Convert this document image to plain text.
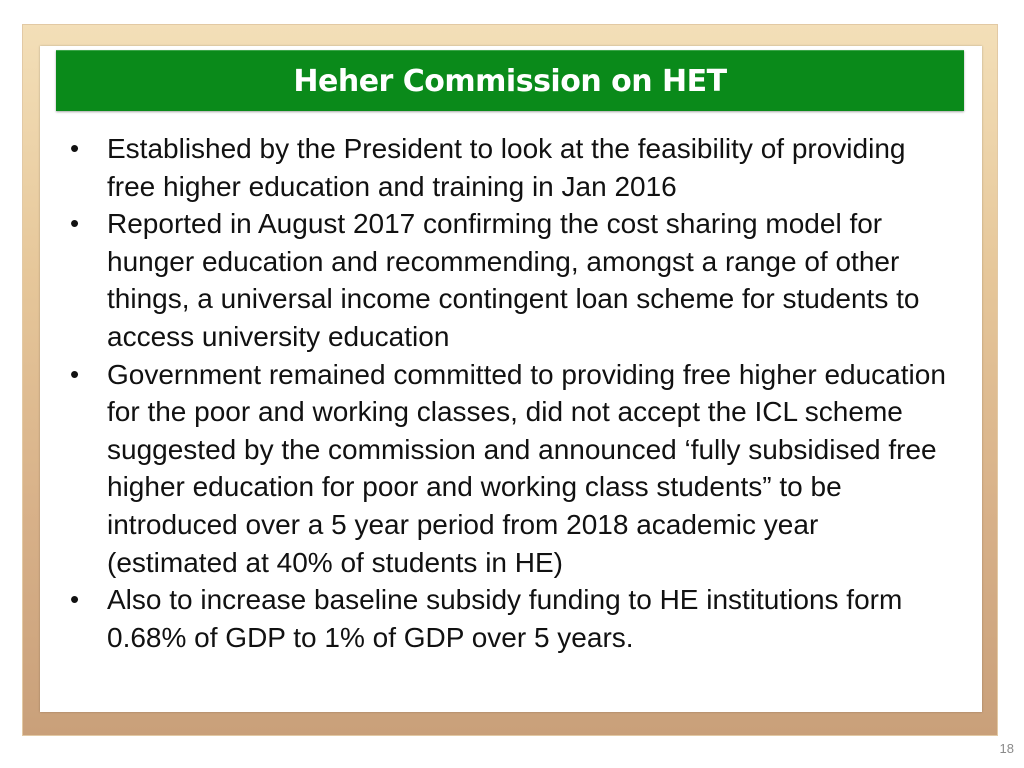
Heher Commission on HET
• Established by the President to look at the feasibility of providing free higher education and training in Jan 2016
• Reported in August 2017 confirming the cost sharing model for hunger education and recommending, amongst a range of other things, a universal income contingent loan scheme for students to access university education
• Government remained committed to providing free higher education for the poor and working classes, did not accept the ICL scheme suggested by the commission and announced ‘fully subsidised free higher education for poor and working class students” to be introduced over a 5 year period from 2018 academic year (estimated at 40% of students in HE)
• Also to increase baseline subsidy funding to HE institutions form 0.68% of GDP to 1% of GDP over 5 years.
18
